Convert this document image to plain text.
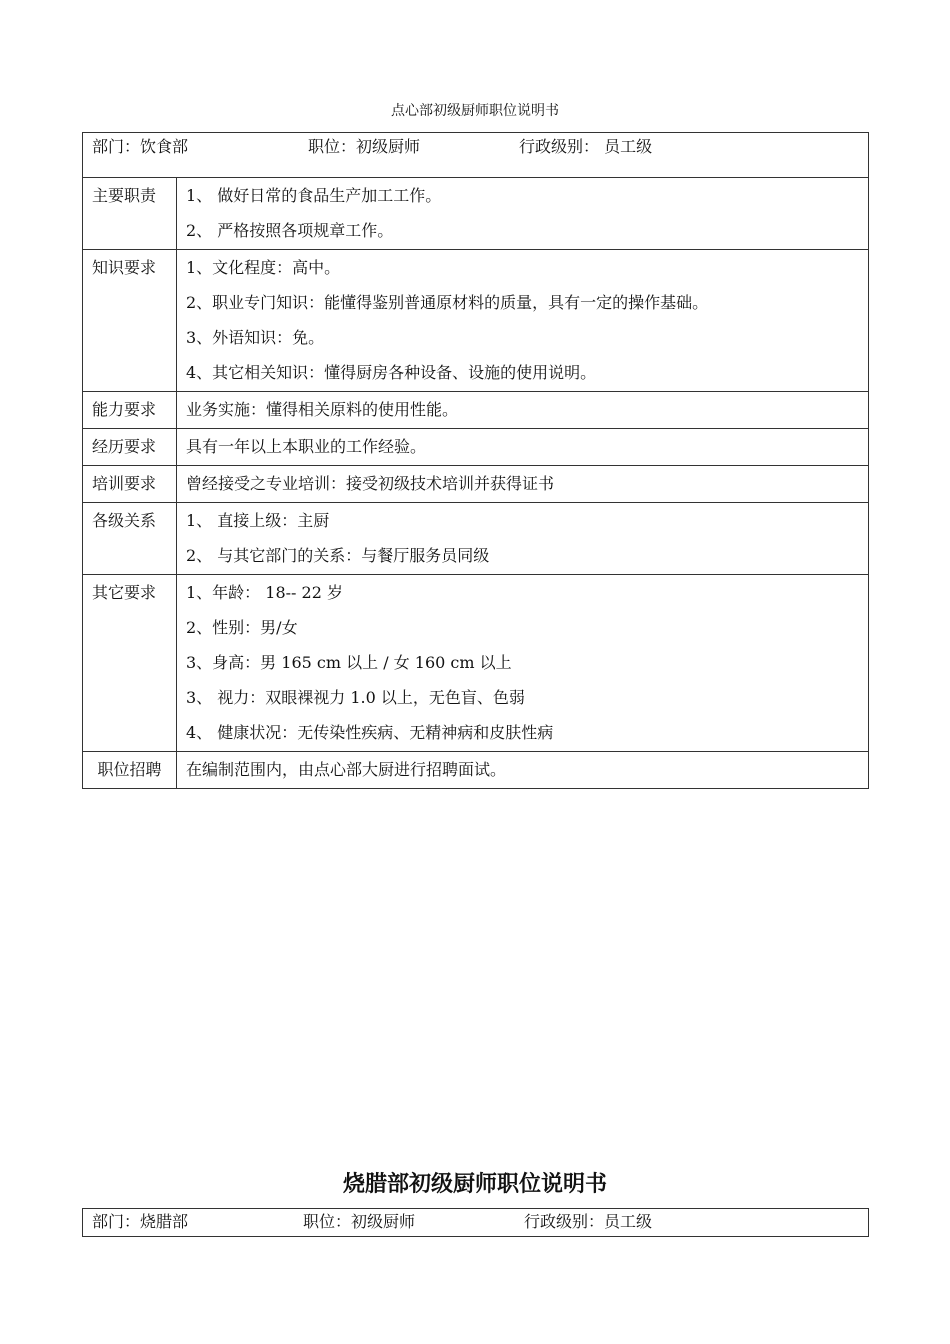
点心部初级厨师职位说明书
部门：饮食部 职位：初级厨师 行政级别： 员工级	

主要职责	1、 做好日常的食品生产加工工作。
2、 严格按照各项规章工作。

知识要求	1、文化程度：高中。
2、职业专门知识：能懂得鉴别普通原材料的质量，具有一定的操作基础。
3、外语知识：免。
4、其它相关知识：懂得厨房各种设备、设施的使用说明。

能力要求	业务实施：懂得相关原料的使用性能。

经历要求	具有一年以上本职业的工作经验。

培训要求	曾经接受之专业培训：接受初级技术培训并获得证书

各级关系	1、 直接上级：主厨
2、 与其它部门的关系：与餐厅服务员同级

其它要求	1、年龄： 18-- 22 岁
2、性别：男/女
3、身高：男 165 cm 以上 / 女 160 cm 以上
3、 视力：双眼裸视力 1.0 以上，无色盲、色弱
4、 健康状况：无传染性疾病、无精神病和皮肤性病

职位招聘	在编制范围内，由点心部大厨进行招聘面试。
烧腊部初级厨师职位说明书
部门：烧腊部	职位：初级厨师	行政级别：员工级
